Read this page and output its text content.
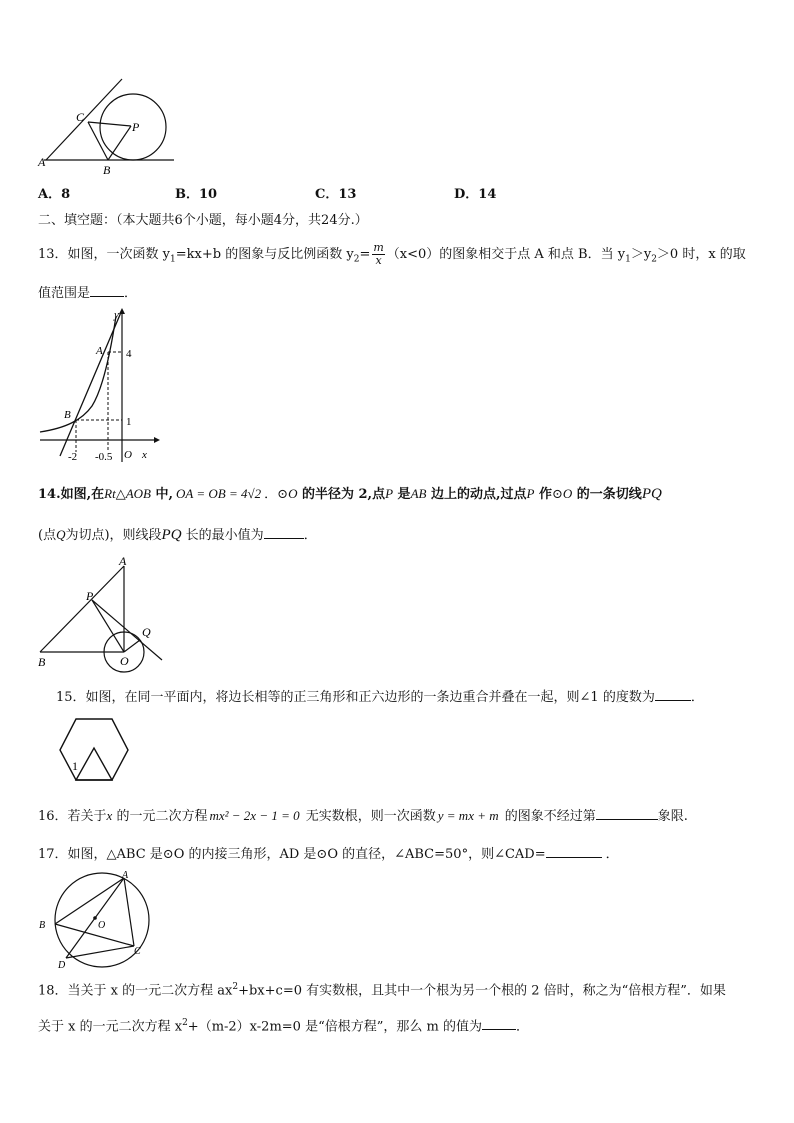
C
P
A
B
A．8	B．10	C．13	D．14
二、填空题：（本大题共6个小题，每小题4分，共24分.）
13．如图，一次函数 $y_1=kx+b$ 的图象与反比例函数 $y_2= \frac{m}{x} (x<0)$的图象相交于点 A 和点 B．当 $y_1>y_2>0$ 时，x 的取
值范围是	．
y
A 4
B
1
-2 -0.5 O x
14.如图,在Rt△AOB 中, OA = OB = 4√2 ．⊙O 的半径为 2,点P 是AB 边上的动点,过点P 作⊙O 的一条切线PQ
(点Q为切点)，则线段PQ 长的最小值为	．
A
P
Q
B	O
15．如图，在同一平面内，将边长相等的正三角形和正六边形的一条边重合并叠在一起，则∠1 的度数为	．
1
16．若关于x 的一元二次方程 mx² − 2x − 1 = 0 无实数根，则一次函数 y = mx + m 的图象不经过第	象限.
17．如图，△ABC 是⊙O 的内接三角形，AD 是⊙O 的直径，∠ABC=50°，则∠CAD=	．
A
B	O
C
D
18．当关于 x 的一元二次方程 $ax^2+bx+c=0$ 有实数根，且其中一个根为另一个根的 2 倍时，称之为“倍根方程”．如果
关于 x 的一元二次方程 $x^2+(m-2)x-2m=0$ 是“倍根方程”，那么 m 的值为	．
